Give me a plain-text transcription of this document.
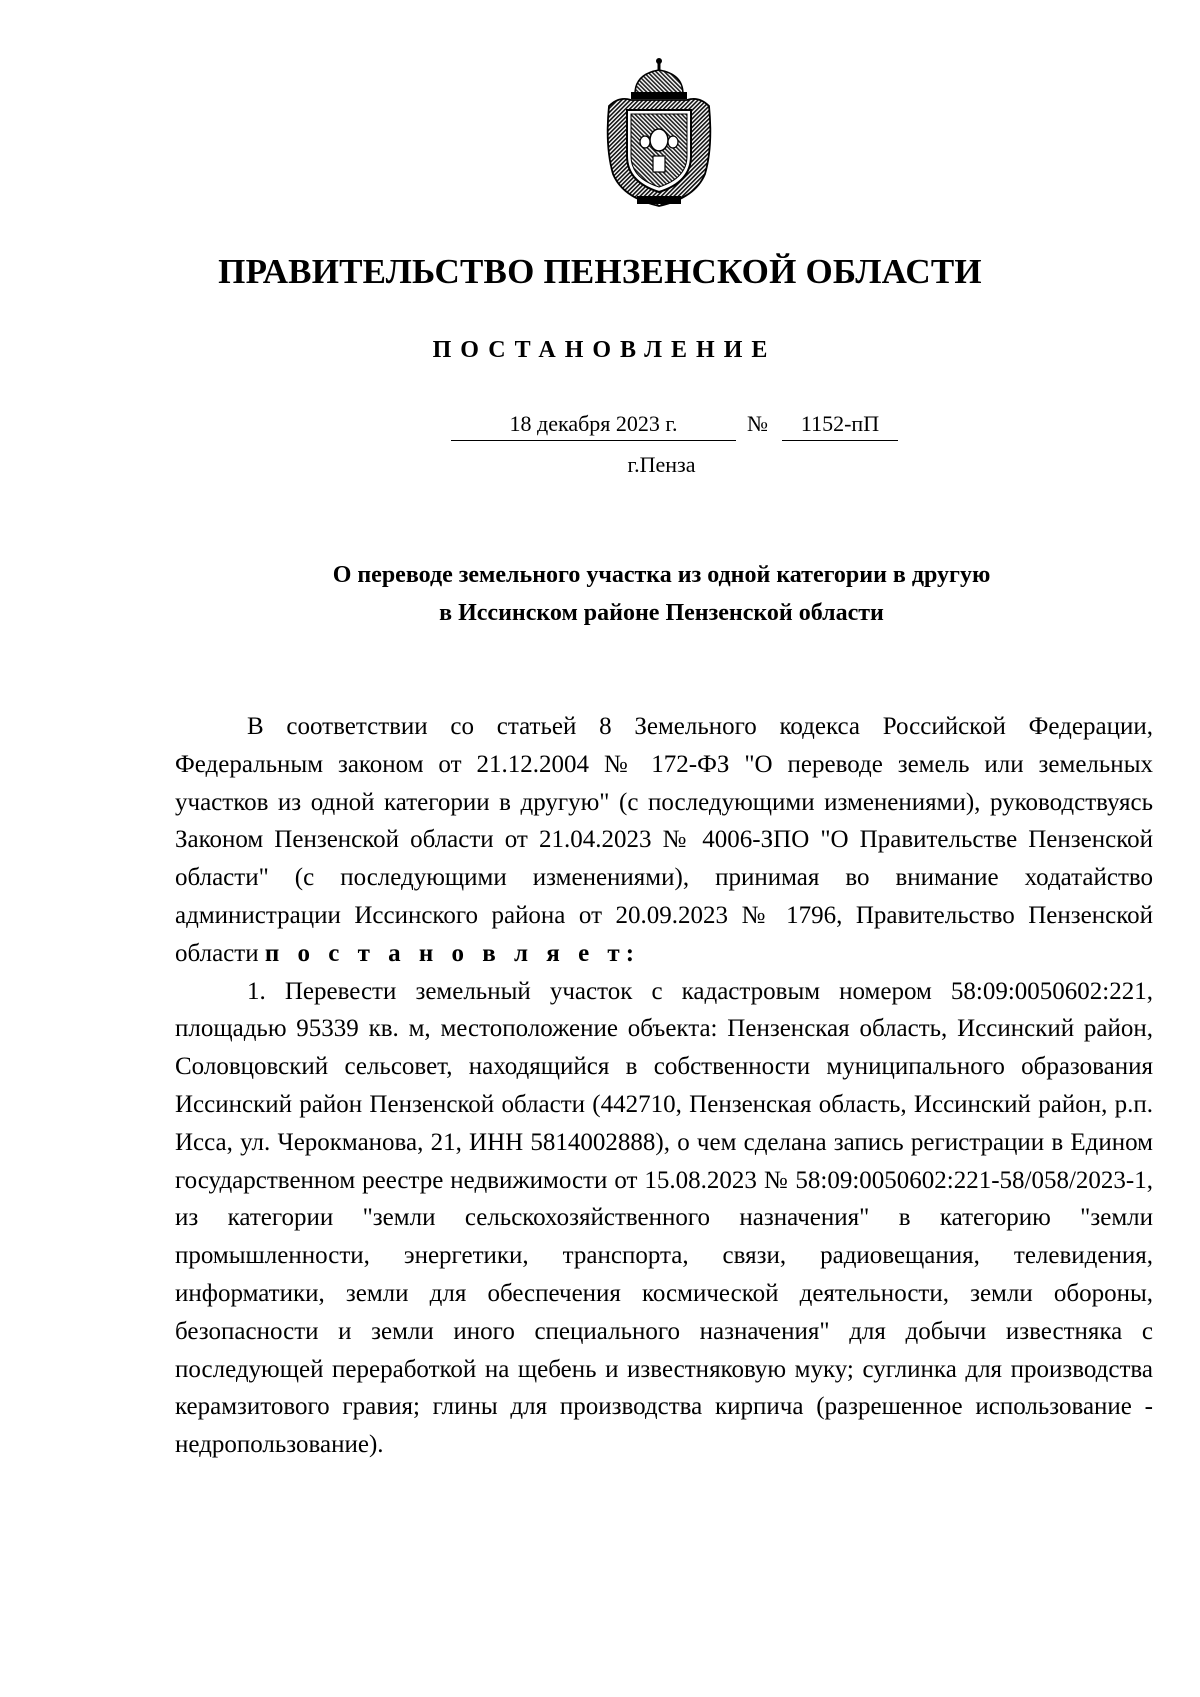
ПРАВИТЕЛЬСТВО ПЕНЗЕНСКОЙ ОБЛАСТИ
ПОСТАНОВЛЕНИЕ
18 декабря 2023 г.	№	1152-пП
г.Пенза
О переводе земельного участка из одной категории в другую
в Иссинском районе Пензенской области

В соответствии со статьей 8 Земельного кодекса Российской Федерации, Федеральным законом от 21.12.2004 № 172-ФЗ "О переводе земель или земельных участков из одной категории в другую" (с последующими изменениями), руководствуясь Законом Пензенской области от 21.04.2023 № 4006-ЗПО "О Правительстве Пензенской области" (с последующими изменениями), принимая во внимание ходатайство администрации Иссинского района от 20.09.2023 № 1796, Правительство Пензенской области п о с т а н о в л я е т:

1. Перевести земельный участок с кадастровым номером 58:09:0050602:221, площадью 95339 кв. м, местоположение объекта: Пензенская область, Иссинский район, Соловцовский сельсовет, находящийся в собственности муниципального образования Иссинский район Пензенской области (442710, Пензенская область, Иссинский район, р.п. Исса, ул. Черокманова, 21, ИНН 5814002888), о чем сделана запись регистрации в Едином государственном реестре недвижимости от 15.08.2023 № 58:09:0050602:221-58/058/2023-1, из категории "земли сельскохозяйственного назначения" в категорию "земли промышленности, энергетики, транспорта, связи, радиовещания, телевидения, информатики, земли для обеспечения космической деятельности, земли обороны, безопасности и земли иного специального назначения" для добычи известняка с последующей переработкой на щебень и известняковую муку; суглинка для производства керамзитового гравия; глины для производства кирпича (разрешенное использование - недропользование).
